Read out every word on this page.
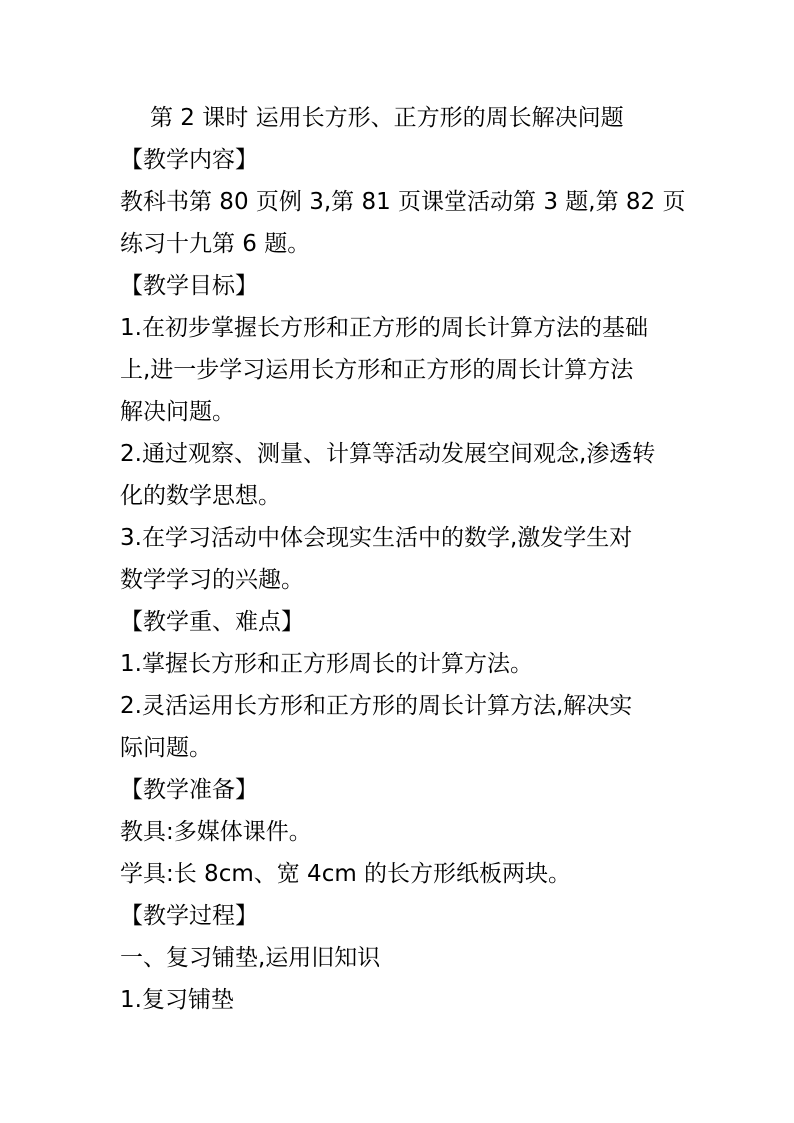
第 2 课时 运用长方形、正方形的周长解决问题
【教学内容】
教科书第 80 页例 3,第 81 页课堂活动第 3 题,第 82 页
练习十九第 6 题。
【教学目标】
1.在初步掌握长方形和正方形的周长计算方法的基础
上,进一步学习运用长方形和正方形的周长计算方法
解决问题。
2.通过观察、测量、计算等活动发展空间观念,渗透转
化的数学思想。
3.在学习活动中体会现实生活中的数学,激发学生对
数学学习的兴趣。
【教学重、难点】
1.掌握长方形和正方形周长的计算方法。
2.灵活运用长方形和正方形的周长计算方法,解决实
际问题。
【教学准备】
教具:多媒体课件。
学具:长 8cm、宽 4cm 的长方形纸板两块。
【教学过程】
一、复习铺垫,运用旧知识
1.复习铺垫
